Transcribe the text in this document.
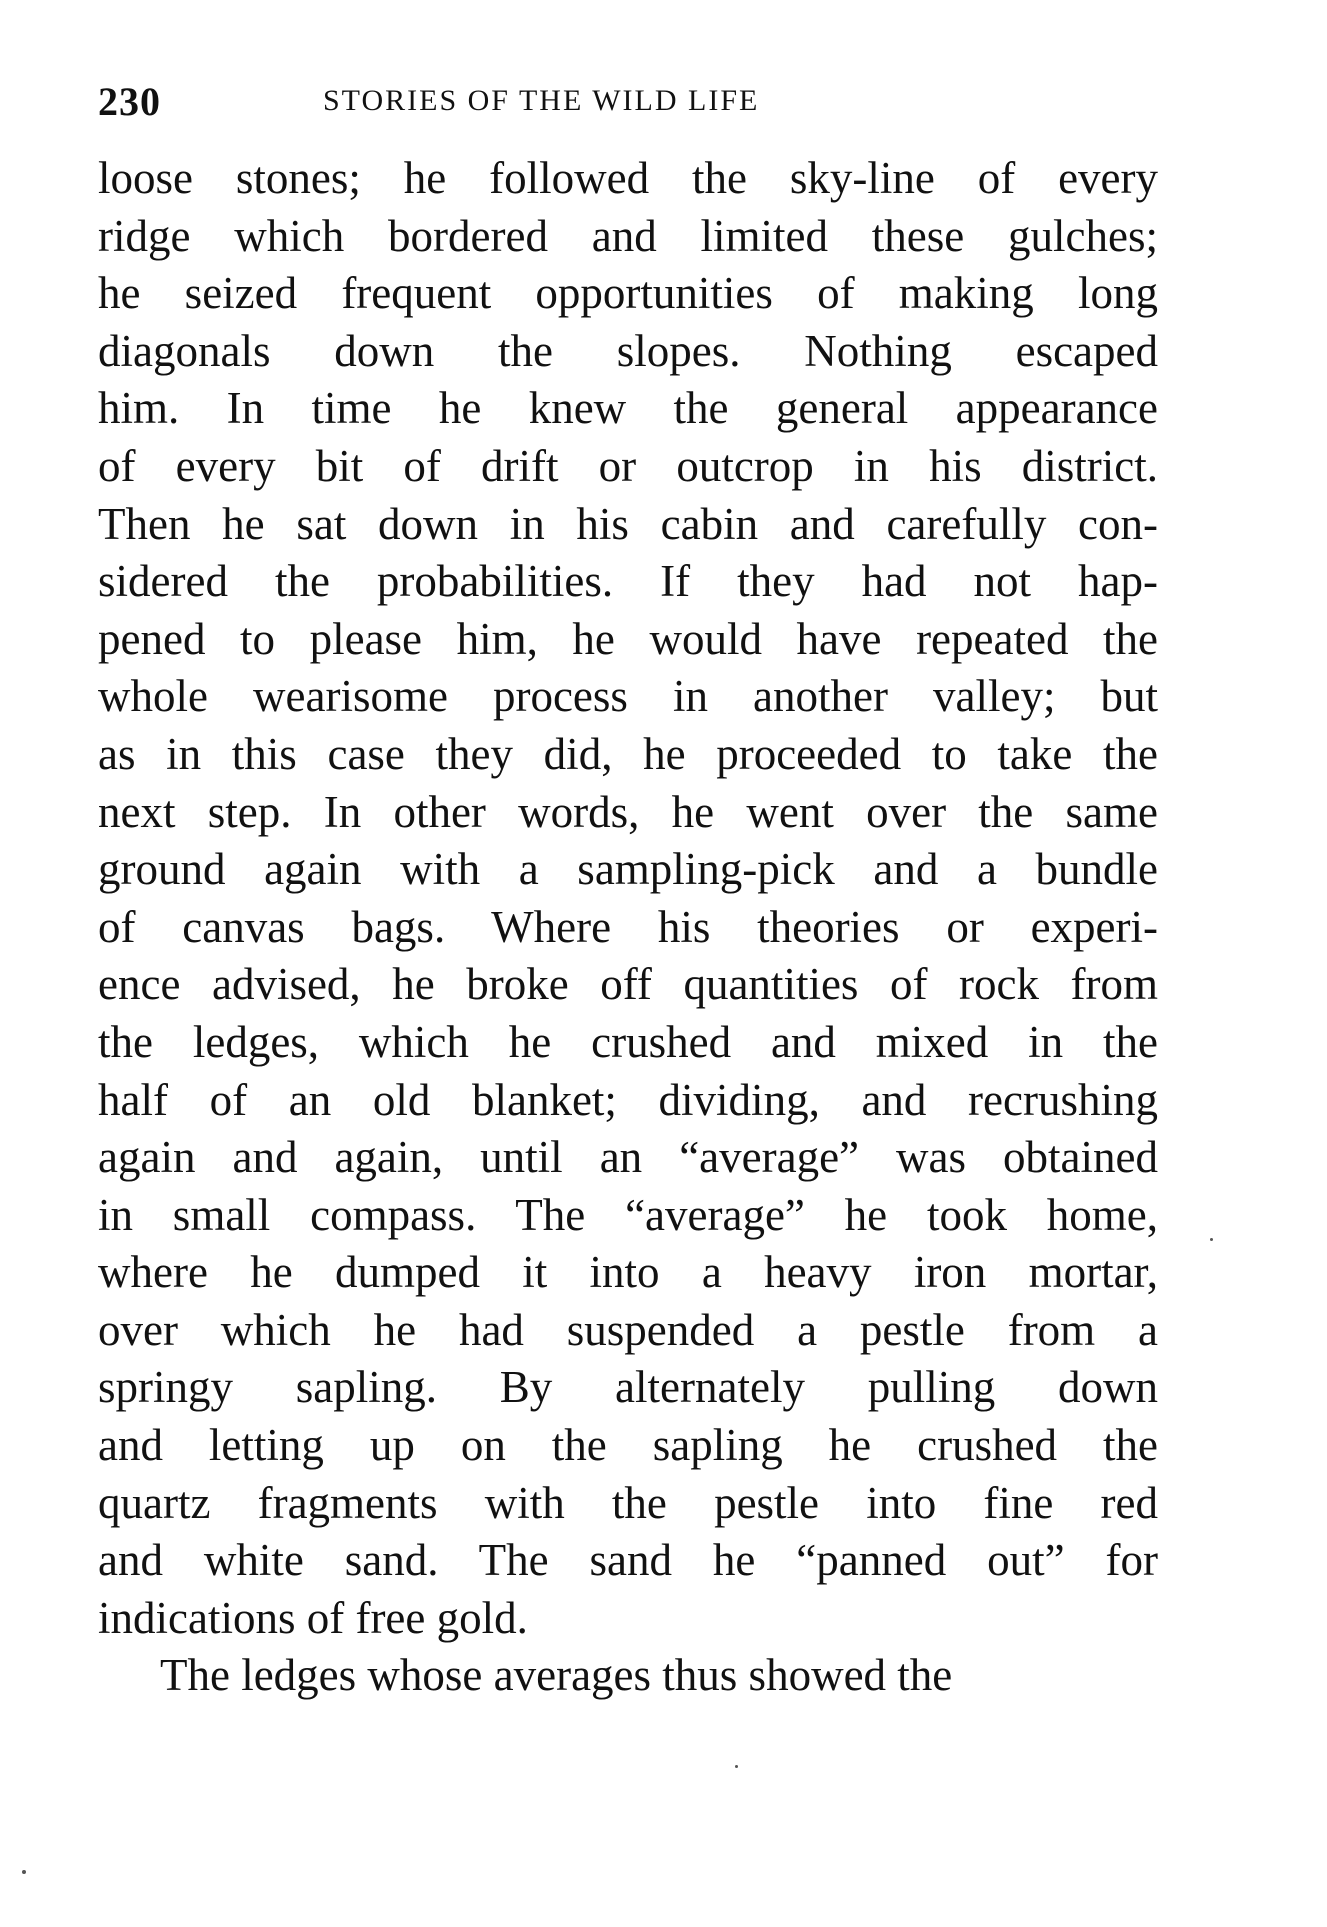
230	STORIES OF THE WILD LIFE
loose stones; he followed the sky-line of every
ridge which bordered and limited these gulches;
he seized frequent opportunities of making long
diagonals down the slopes. Nothing escaped
him. In time he knew the general appearance
of every bit of drift or outcrop in his district.
Then he sat down in his cabin and carefully con-
sidered the probabilities. If they had not hap-
pened to please him, he would have repeated the
whole wearisome process in another valley; but
as in this case they did, he proceeded to take the
next step. In other words, he went over the same
ground again with a sampling-pick and a bundle
of canvas bags. Where his theories or experi-
ence advised, he broke off quantities of rock from
the ledges, which he crushed and mixed in the
half of an old blanket; dividing, and recrushing
again and again, until an “average” was obtained
in small compass. The “average” he took home,
where he dumped it into a heavy iron mortar,
over which he had suspended a pestle from a
springy sapling. By alternately pulling down
and letting up on the sapling he crushed the
quartz fragments with the pestle into fine red
and white sand. The sand he “panned out” for
indications of free gold.
The ledges whose averages thus showed the
